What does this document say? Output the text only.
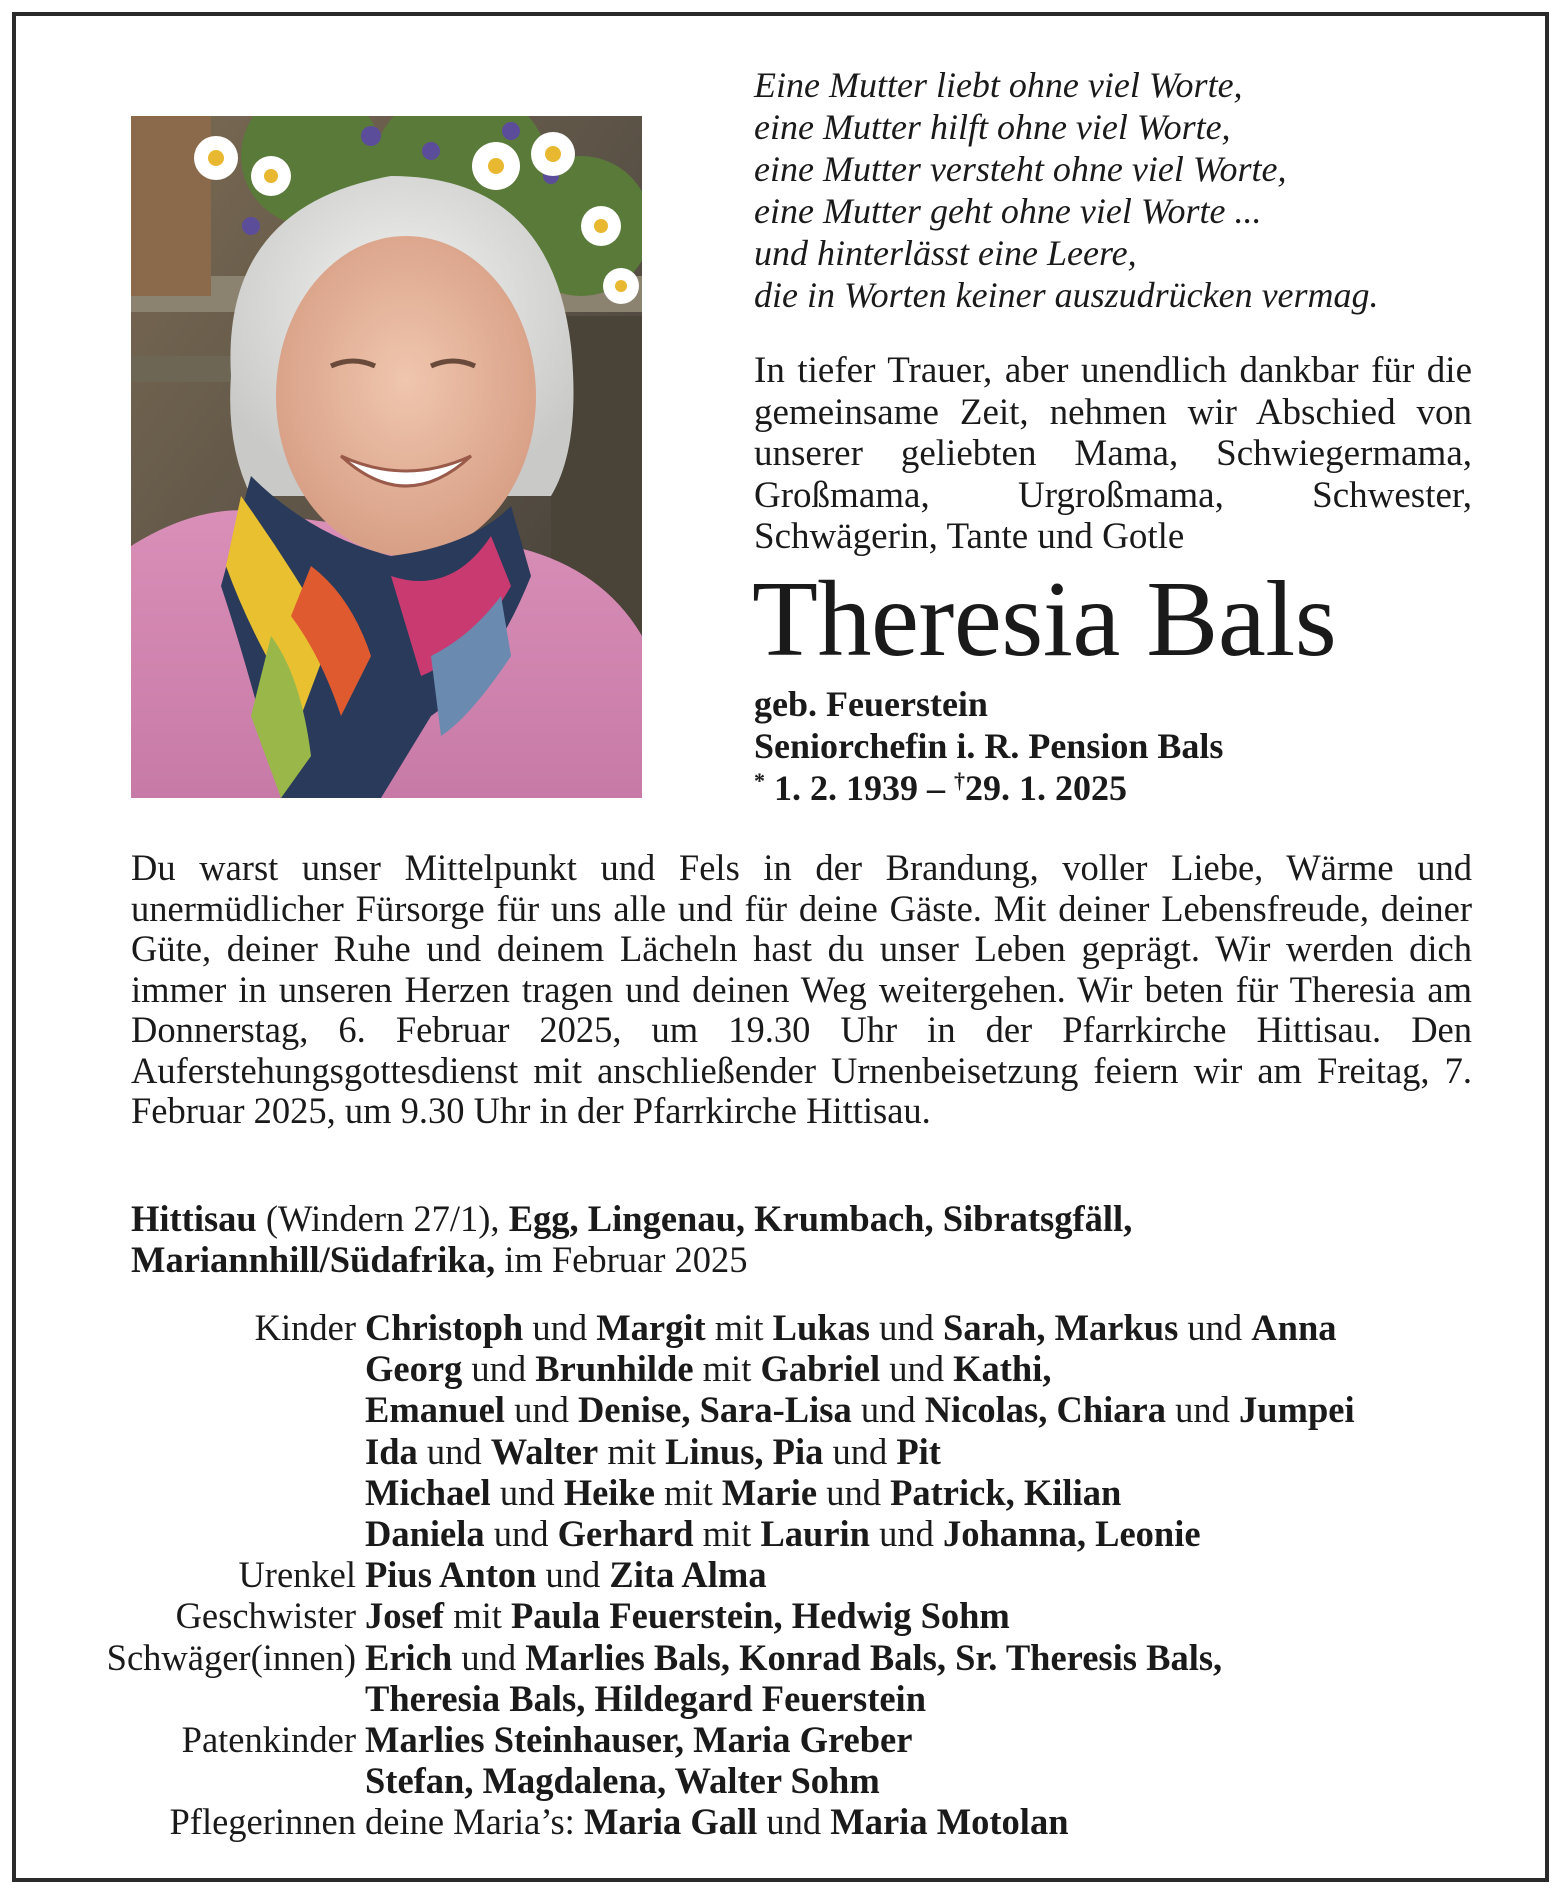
Eine Mutter liebt ohne viel Worte,
eine Mutter hilft ohne viel Worte,
eine Mutter versteht ohne viel Worte,
eine Mutter geht ohne viel Worte ...
und hinterlässt eine Leere,
die in Worten keiner auszudrücken vermag.

In tiefer Trauer, aber unendlich dankbar für die gemeinsame Zeit, nehmen wir Abschied von unserer geliebten Mama, Schwiegermama, Großmama, Urgroßmama, Schwester, Schwägerin, Tante und Gotle

Theresia Bals
geb. Feuerstein
Seniorchefin i. R. Pension Bals
* 1. 2. 1939 – †29. 1. 2025

Du warst unser Mittelpunkt und Fels in der Brandung, voller Liebe, Wärme und unermüdlicher Fürsorge für uns alle und für deine Gäste. Mit deiner Lebensfreude, deiner Güte, deiner Ruhe und deinem Lächeln hast du unser Leben geprägt. Wir werden dich immer in unseren Herzen tragen und deinen Weg weitergehen. Wir beten für Theresia am Donnerstag, 6. Februar 2025, um 19.30 Uhr in der Pfarrkirche Hittisau. Den Auferstehungsgottesdienst mit anschließender Urnenbeisetzung feiern wir am Freitag, 7. Februar 2025, um 9.30 Uhr in der Pfarrkirche Hittisau.

Hittisau (Windern 27/1), Egg, Lingenau, Krumbach, Sibratsgfäll,
Mariannhill/Südafrika, im Februar 2025
Kinder Christoph und Margit mit Lukas und Sarah, Markus und Anna
Georg und Brunhilde mit Gabriel und Kathi,
Emanuel und Denise, Sara-Lisa und Nicolas, Chiara und Jumpei
Ida und Walter mit Linus, Pia und Pit
Michael und Heike mit Marie und Patrick, Kilian
Daniela und Gerhard mit Laurin und Johanna, Leonie
Urenkel Pius Anton und Zita Alma
Geschwister Josef mit Paula Feuerstein, Hedwig Sohm
Schwäger(innen) Erich und Marlies Bals, Konrad Bals, Sr. Theresis Bals,
Theresia Bals, Hildegard Feuerstein
Patenkinder Marlies Steinhauser, Maria Greber
Stefan, Magdalena, Walter Sohm
Pflegerinnen deine Maria’s: Maria Gall und Maria Motolan
